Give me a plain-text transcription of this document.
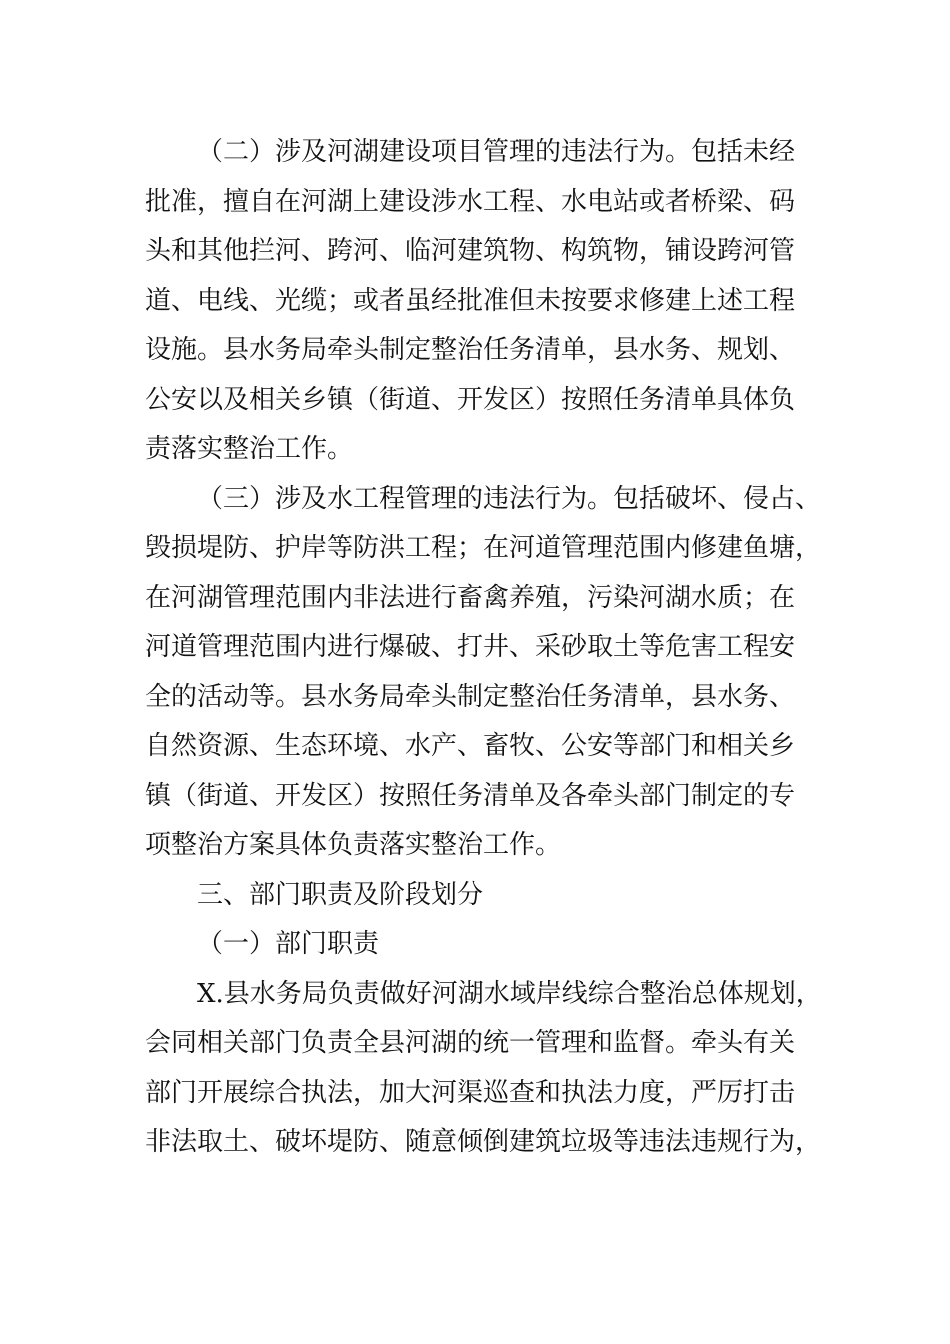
（二）涉及河湖建设项目管理的违法行为。包括未经
批准，擅自在河湖上建设涉水工程、水电站或者桥梁、码
头和其他拦河、跨河、临河建筑物、构筑物，铺设跨河管
道、电线、光缆；或者虽经批准但未按要求修建上述工程
设施。县水务局牵头制定整治任务清单，县水务、规划、
公安以及相关乡镇（街道、开发区）按照任务清单具体负
责落实整治工作。
（三）涉及水工程管理的违法行为。包括破坏、侵占、
毁损堤防、护岸等防洪工程；在河道管理范围内修建鱼塘，
在河湖管理范围内非法进行畜禽养殖，污染河湖水质；在
河道管理范围内进行爆破、打井、采砂取土等危害工程安
全的活动等。县水务局牵头制定整治任务清单，县水务、
自然资源、生态环境、水产、畜牧、公安等部门和相关乡
镇（街道、开发区）按照任务清单及各牵头部门制定的专
项整治方案具体负责落实整治工作。
三、部门职责及阶段划分
（一）部门职责
X.县水务局负责做好河湖水域岸线综合整治总体规划，
会同相关部门负责全县河湖的统一管理和监督。牵头有关
部门开展综合执法，加大河渠巡查和执法力度，严厉打击
非法取土、破坏堤防、随意倾倒建筑垃圾等违法违规行为，
